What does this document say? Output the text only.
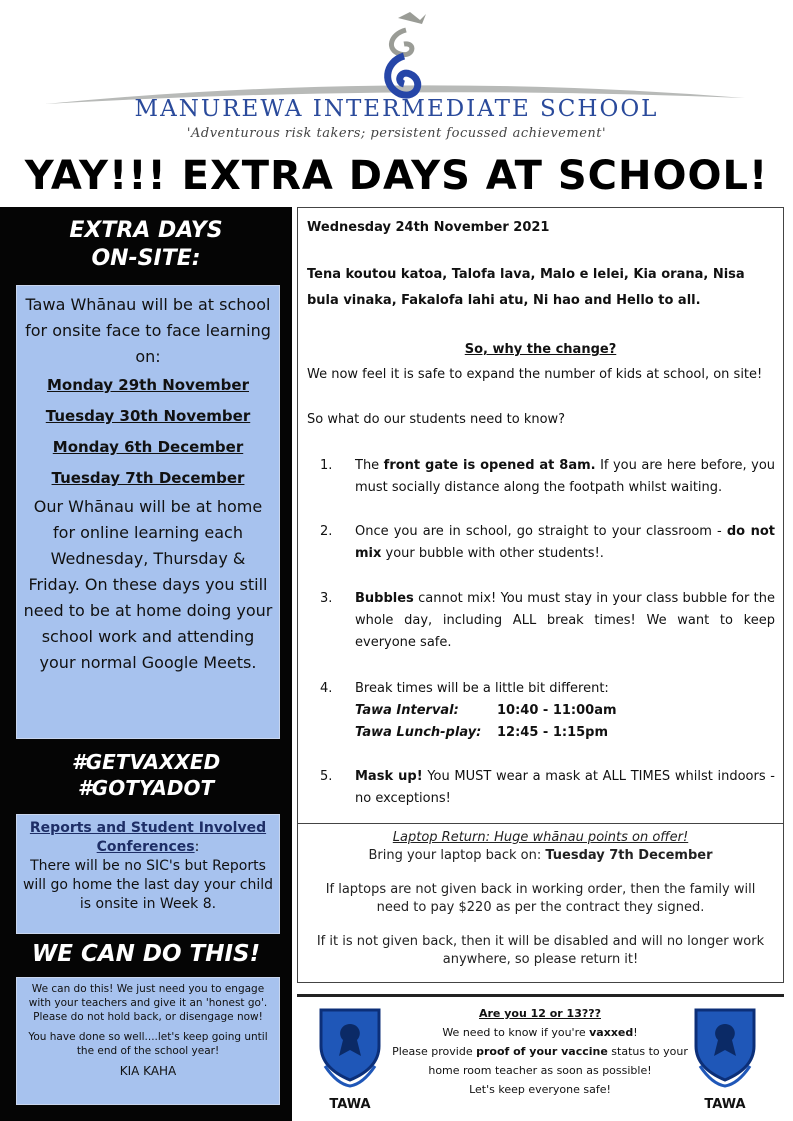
MANUREWA INTERMEDIATE SCHOOL
'Adventurous risk takers; persistent focussed achievement'
YAY!!! EXTRA DAYS AT SCHOOL!
EXTRA DAYS
ON-SITE:

Tawa Whānau will be at school for onsite face to face learning on:

Monday 29th November

Tuesday 30th November

Monday 6th December

Tuesday 7th December

Our Whānau will be at home for online learning each Wednesday, Thursday & Friday. On these days you still need to be at home doing your school work and attending your normal Google Meets.

#GETVAXXED
#GOTYADOT
Reports and Student Involved Conferences:
There will be no SIC's but Reports will go home the last day your child is onsite in Week 8.
WE CAN DO THIS!

We can do this! We just need you to engage with your teachers and give it an 'honest go'. Please do not hold back, or disengage now!

You have done so well....let's keep going until the end of the school year!

KIA KAHA

Wednesday 24th November 2021
Tena koutou katoa, Talofa lava, Malo e lelei, Kia orana, Nisa bula vinaka, Fakalofa lahi atu, Ni hao and Hello to all.
So, why the change?
We now feel it is safe to expand the number of kids at school, on site!
So what do our students need to know?
1. The front gate is opened at 8am. If you are here before, you must socially distance along the footpath whilst waiting.
2. Once you are in school, go straight to your classroom - do not mix your bubble with other students!.
3. Bubbles cannot mix! You must stay in your class bubble for the whole day, including ALL break times! We want to keep everyone safe.
4. Break times will be a little bit different:
Tawa Interval:	10:40 - 11:00am
Tawa Lunch-play: 12:45 - 1:15pm
5. Mask up! You MUST wear a mask at ALL TIMES whilst indoors - no exceptions!
Laptop Return: Huge whānau points on offer!
Bring your laptop back on: Tuesday 7th December
If laptops are not given back in working order, then the family will need to pay $220 as per the contract they signed.
If it is not given back, then it will be disabled and will no longer work anywhere, so please return it!
TAWA	TAWA
Are you 12 or 13???
We need to know if you're vaxxed!
Please provide proof of your vaccine status to your home room teacher as soon as possible!
Let's keep everyone safe!
